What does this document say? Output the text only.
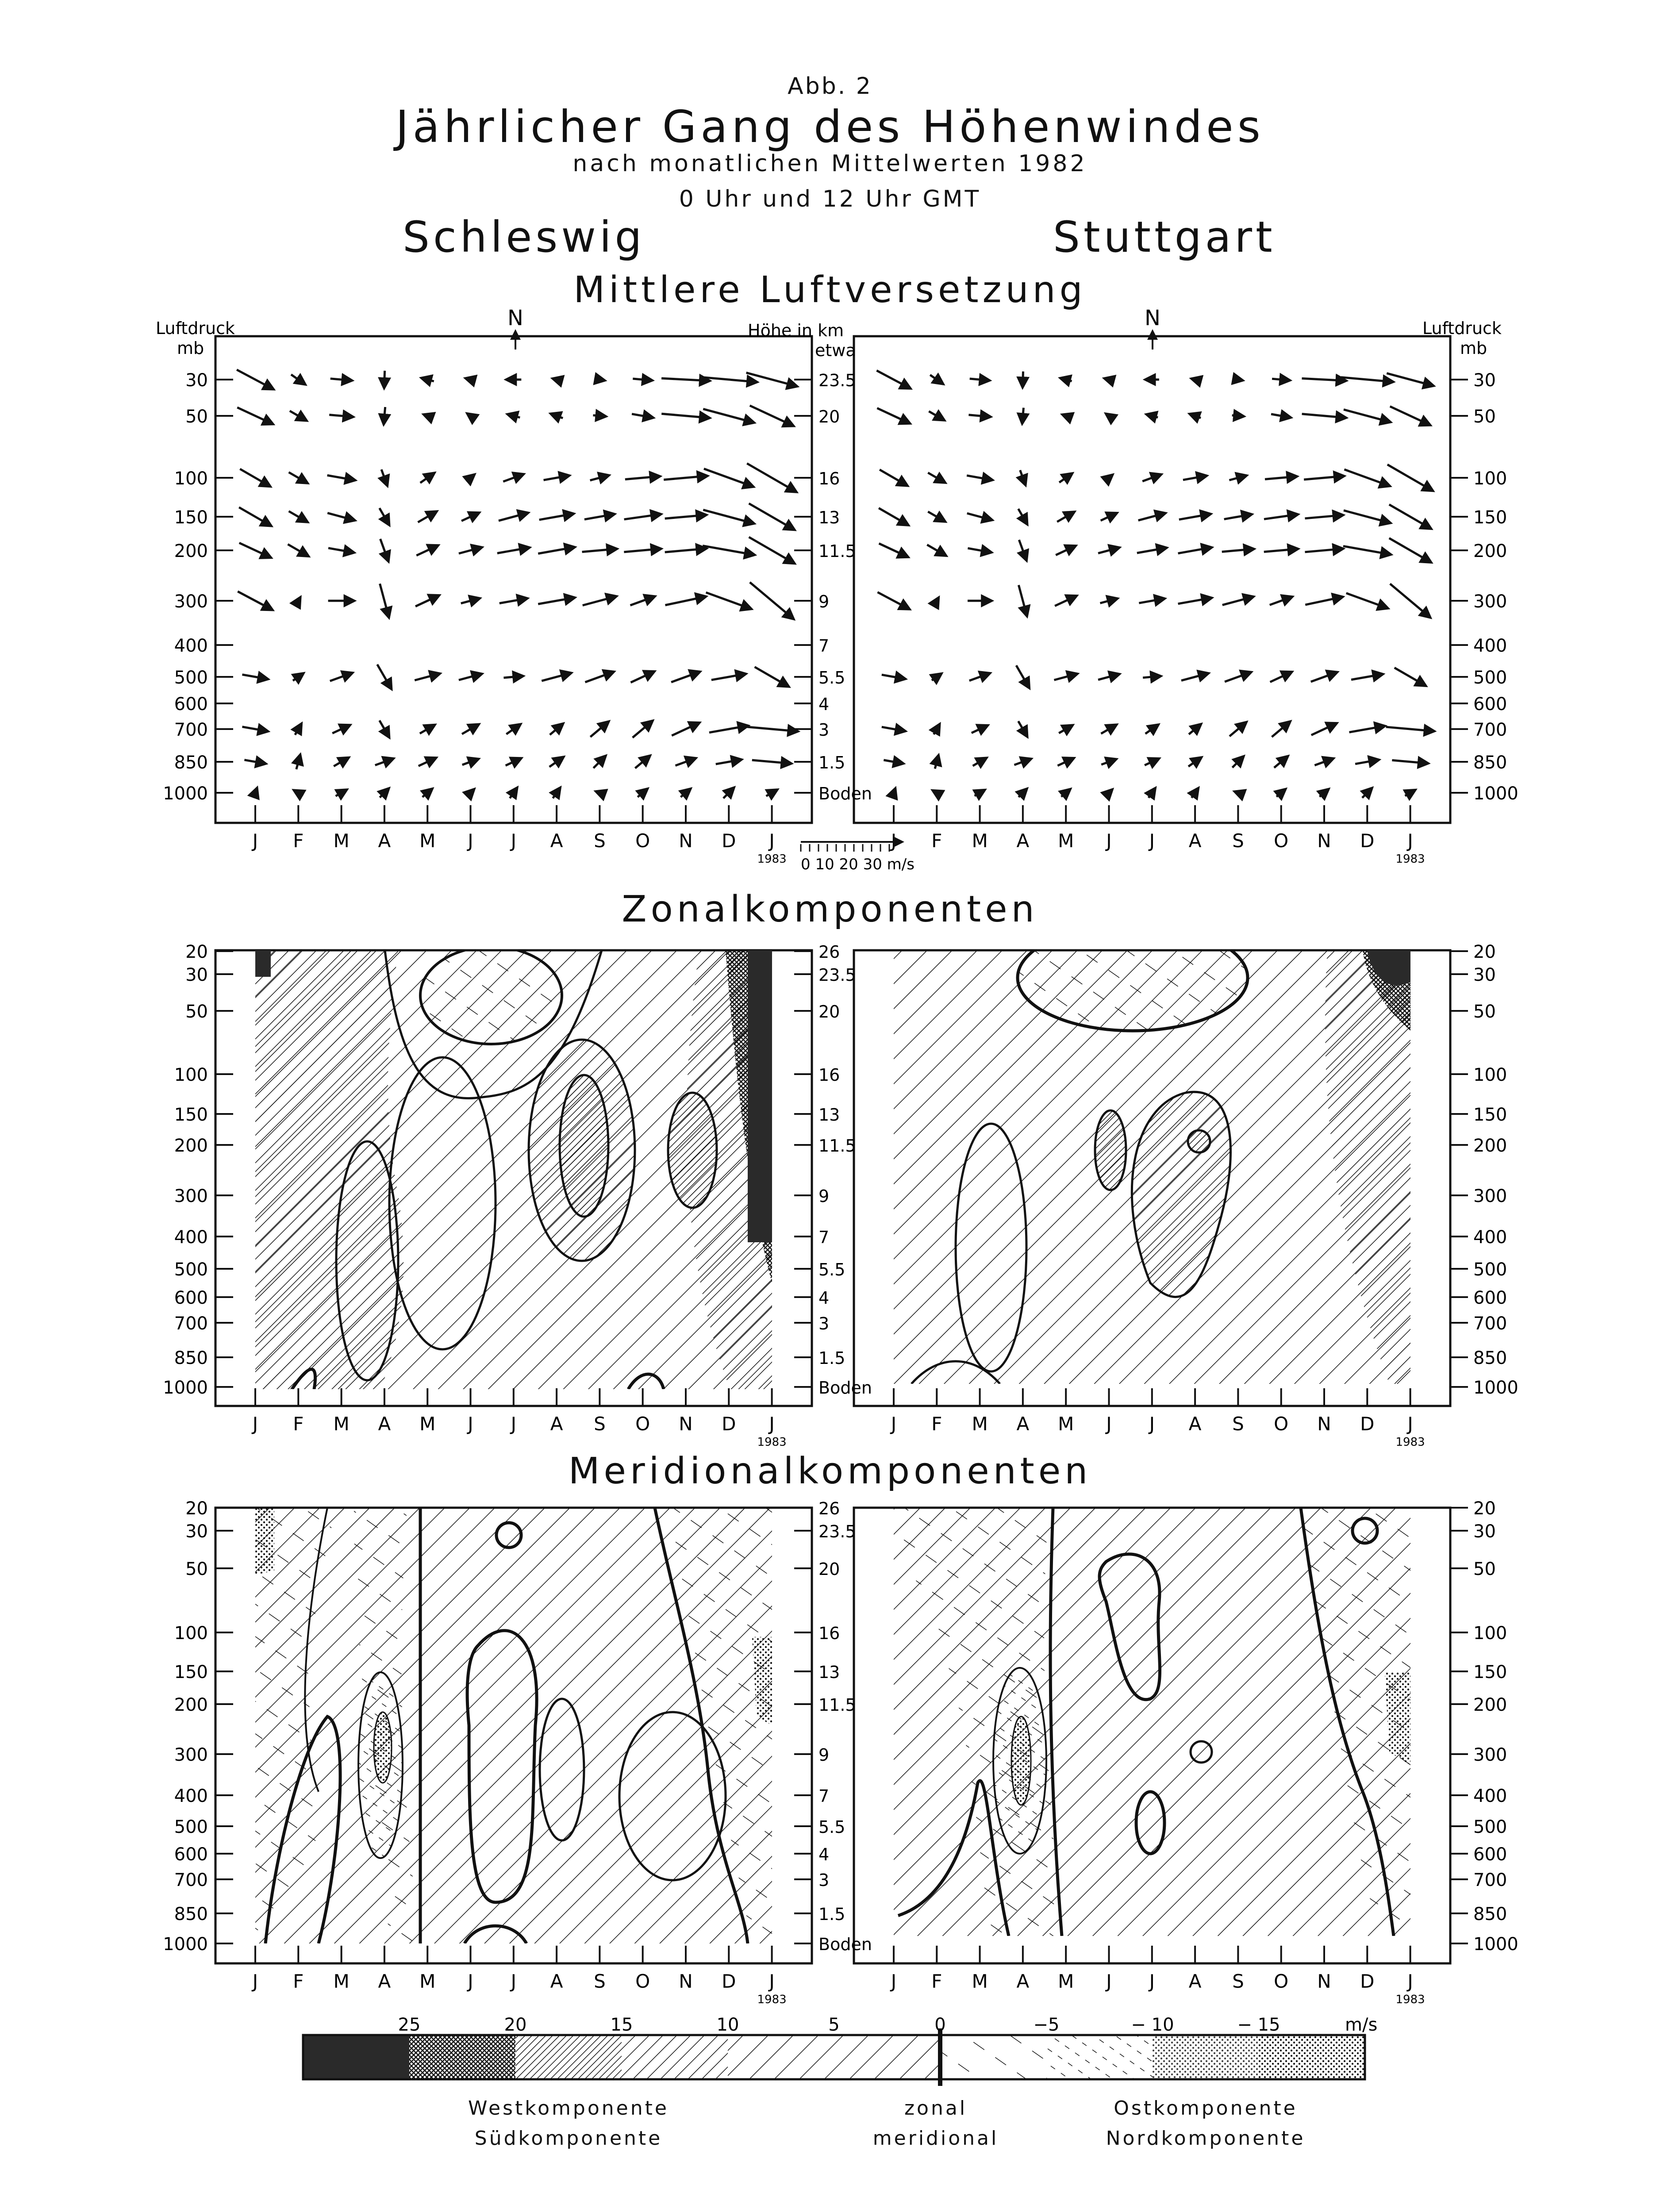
Abb. 2
Jährlicher Gang des Höhenwindes
nach monatlichen Mittelwerten 1982
0 Uhr und 12 Uhr GMT
Schleswig	Stuttgart
Mittlere Luftversetzung
Zonalkomponenten
Meridionalkomponenten
Westkomponente
Südkomponente
zonal
meridional
Ostkomponente
Nordkomponente
30	23.5	30
50	20	50
100	16	100
150	13	150
200	11.5	200
300	9	300
400	7	400
500	5.5	500
600	4	600
700	3	700
850	1.5	850
1000	Boden	1000
Luftdruck
mb
Luftdruck
mb
Höhe in km
etwa
N	N
J F M A M J J A S O N D J
1983
J F M A M J J A S O N D J
1983
J F M A M J J A S O N D J
1983
J F M A M J J A S O N D J
1983
J F M A M J J A S O N D J
1983
J F M A M J J A S O N D J
1983
0 10 20 30 m/s
20	26	20
30	23.5	30
50	20	50
100	16	100
150	13	150
200	11.5	200
300	9	300
400	7	400
500	5.5	500
600	4	600
700	3	700
850	1.5	850
1000	Boden	1000
20	26	20
30	23.5	30
50	20	50
100	16	100
150	13	150
200	11.5	200
300	9	300
400	7	400
500	5.5	500
600	4	600
700	3	700
850	1.5	850
1000	Boden	1000
25	20	15	10	5	0	−5	− 10	− 15	m/s
